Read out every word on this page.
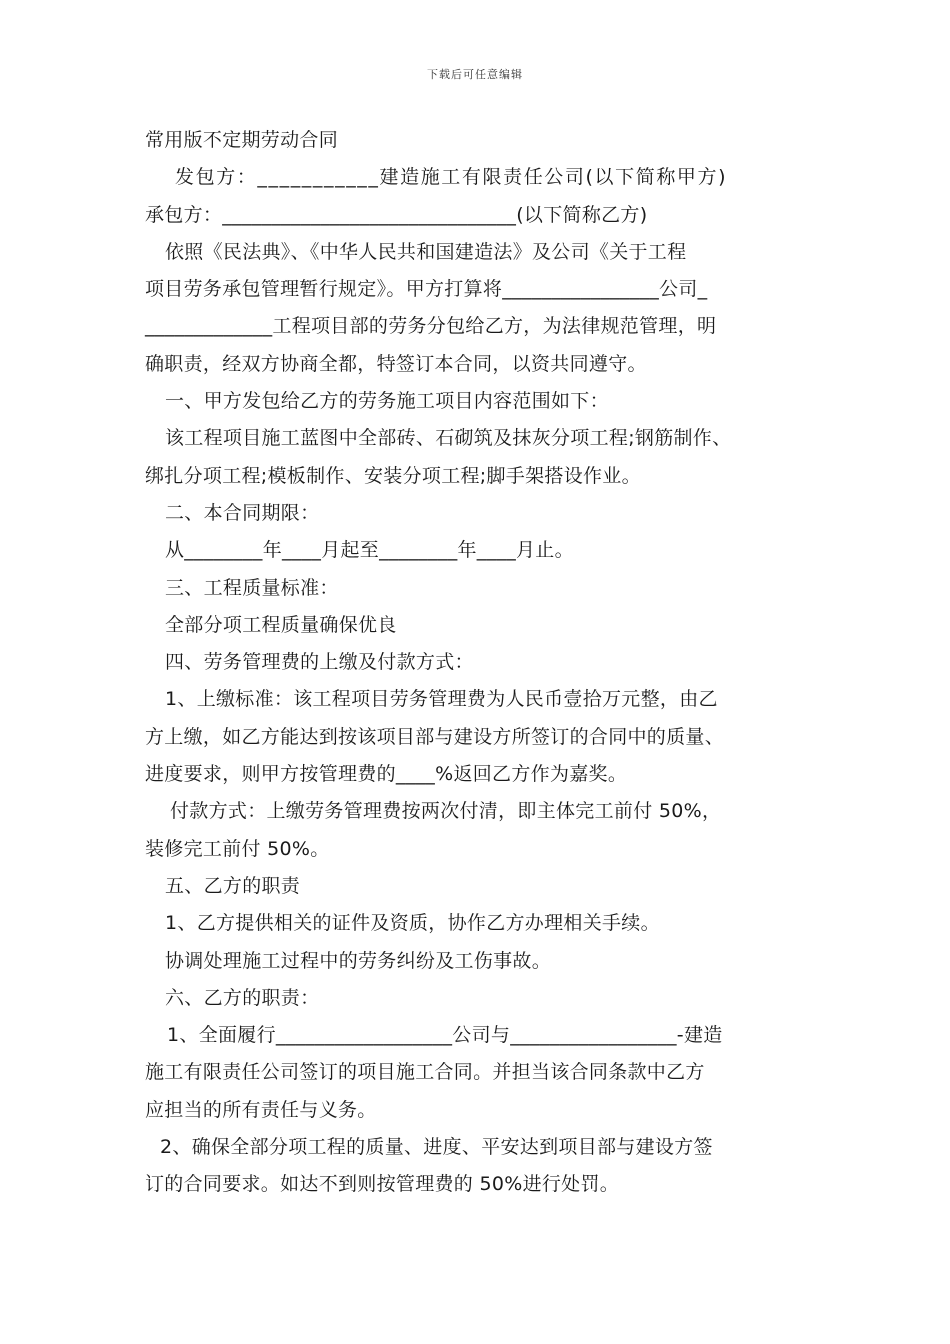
下载后可任意编辑
常用版不定期劳动合同
发包方：___________建造施工有限责任公司(以下简称甲方)
承包方：______________________________(以下简称乙方)
依照《民法典》、《中华人民共和国建造法》及公司《关于工程
项目劳务承包管理暂行规定》。甲方打算将________________公司_
_____________工程项目部的劳务分包给乙方，为法律规范管理，明
确职责，经双方协商全都，特签订本合同，以资共同遵守。
一、甲方发包给乙方的劳务施工项目内容范围如下：
该工程项目施工蓝图中全部砖、石砌筑及抹灰分项工程;钢筋制作、
绑扎分项工程;模板制作、安装分项工程;脚手架搭设作业。
二、本合同期限：
从________年____月起至________年____月止。
三、工程质量标准：
全部分项工程质量确保优良
四、劳务管理费的上缴及付款方式：
1、上缴标准：该工程项目劳务管理费为人民币壹拾万元整，由乙
方上缴，如乙方能达到按该项目部与建设方所签订的合同中的质量、
进度要求，则甲方按管理费的____%返回乙方作为嘉奖。
付款方式：上缴劳务管理费按两次付清，即主体完工前付 50%，
装修完工前付 50%。
五、乙方的职责
1、乙方提供相关的证件及资质，协作乙方办理相关手续。
协调处理施工过程中的劳务纠纷及工伤事故。
六、乙方的职责：
1、全面履行__________________公司与_________________-建造
施工有限责任公司签订的项目施工合同。并担当该合同条款中乙方
应担当的所有责任与义务。
2、确保全部分项工程的质量、进度、平安达到项目部与建设方签
订的合同要求。如达不到则按管理费的 50%进行处罚。
